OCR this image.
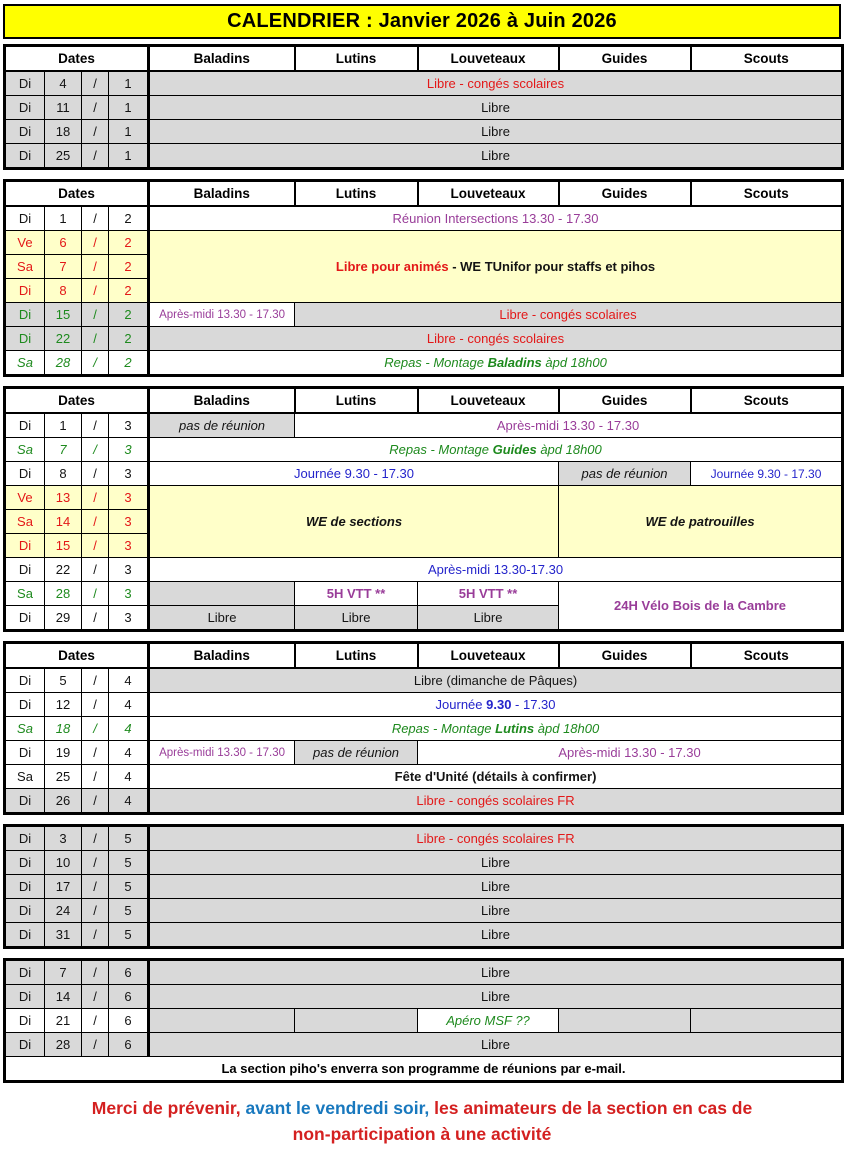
CALENDRIER : Janvier 2026 à Juin 2026
Dates				Baladins	Lutins	Louveteaux	Guides	Scouts
Di	4	/	1	Libre - congés scolaires				
Di	11	/	1	Libre				
Di	18	/	1	Libre				
Di	25	/	1	Libre				
Dates				Baladins	Lutins	Louveteaux	Guides	Scouts
Di	1	/	2	Réunion Intersections 13.30 - 17.30				
Ve	6	/	2	Libre pour animés - WE TUnifor pour staffs et pihos				
Sa	7	/	2					
Di	8	/	2					
Di	15	/	2	Après-midi 13.30 - 17.30	Libre - congés scolaires			
Di	22	/	2	Libre - congés scolaires				
Sa	28	/	2	Repas - Montage Baladins àpd 18h00				
Dates				Baladins	Lutins	Louveteaux	Guides	Scouts
Di	1	/	3	pas de réunion	Après-midi 13.30 - 17.30			
Sa	7	/	3	Repas - Montage Guides àpd 18h00				
Di	8	/	3	Journée 9.30 - 17.30			pas de réunion	Journée 9.30 - 17.30
Ve	13	/	3	WE de sections			WE de patrouilles	
Sa	14	/	3					
Di	15	/	3					
Di	22	/	3	Après-midi 13.30-17.30				
Sa	28	/	3		5H VTT **	5H VTT **	24H Vélo Bois de la Cambre	
Di	29	/	3	Libre	Libre	Libre		
Dates				Baladins	Lutins	Louveteaux	Guides	Scouts
Di	5	/	4	Libre (dimanche de Pâques)				
Di	12	/	4	Journée 9.30 - 17.30				
Sa	18	/	4	Repas - Montage Lutins àpd 18h00				
Di	19	/	4	Après-midi 13.30 - 17.30	pas de réunion	Après-midi 13.30 - 17.30		
Sa	25	/	4	Fête d'Unité (détails à confirmer)				
Di	26	/	4	Libre - congés scolaires FR				
Di	3	/	5	Libre - congés scolaires FR
Di	10	/	5	Libre
Di	17	/	5	Libre
Di	24	/	5	Libre
Di	31	/	5	Libre
Di	7	/	6	Libre				
Di	14	/	6	Libre				
Di	21	/	6			Apéro MSF ??		
Di	28	/	6	Libre				
La section piho's enverra son programme de réunions par e-mail.								
Merci de prévenir, avant le vendredi soir, les animateurs de la section en cas de
non-participation à une activité
